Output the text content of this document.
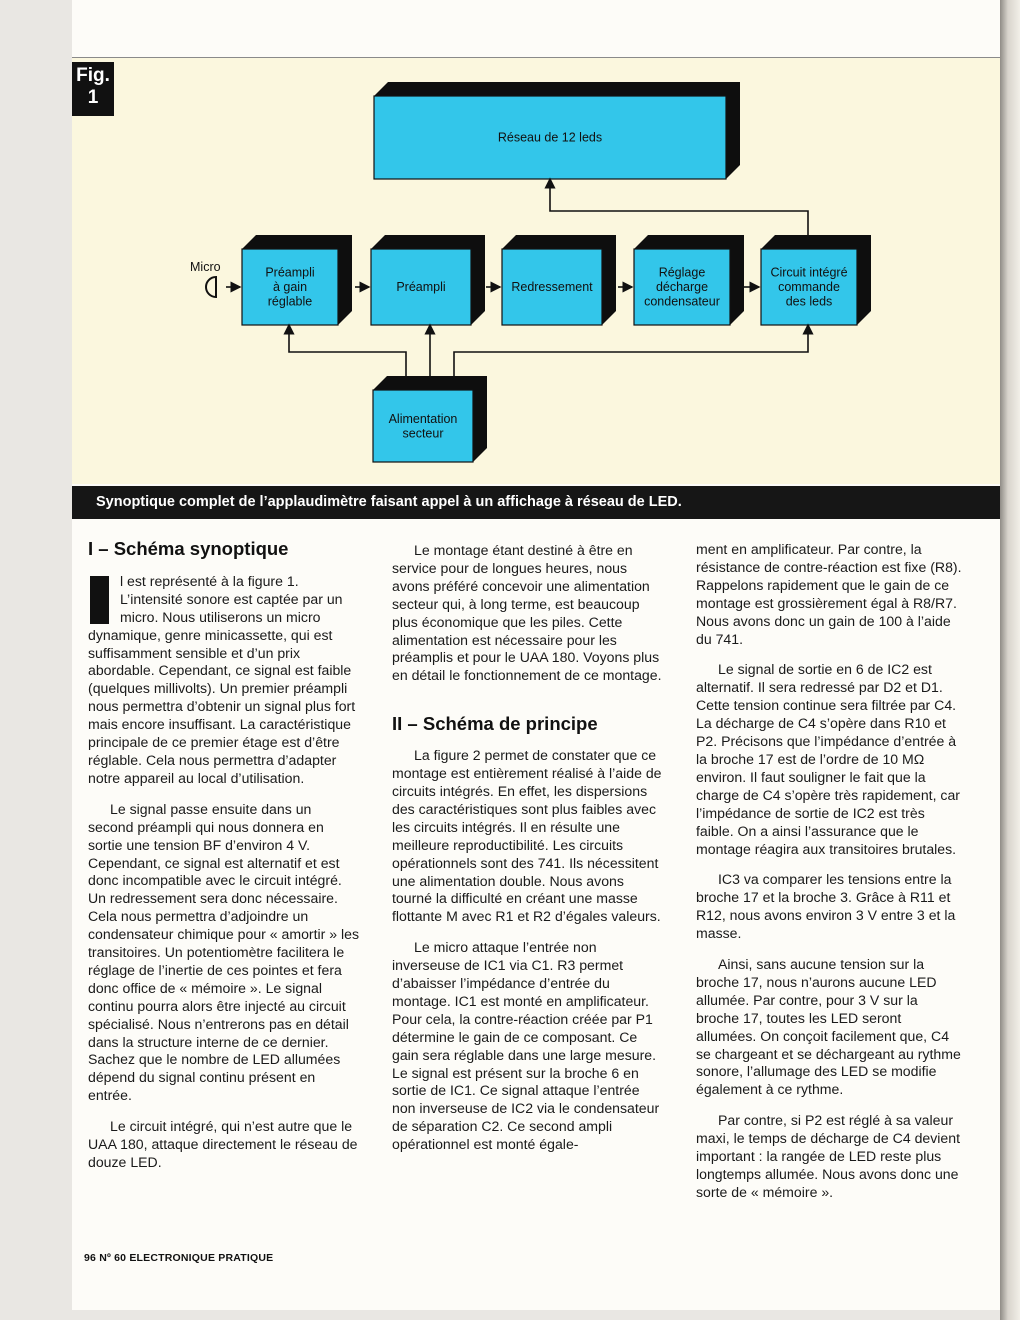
Fig.
1
Réseau de 12 leds
Préampli
à gain
réglable
Préampli	Redressement
Réglage
décharge
condensateur
Circuit intégré
commande
des leds
Alimentation
secteur
Micro
Synoptique complet de l’applaudimètre faisant appel à un affichage à réseau de LED.
I – Schéma synoptique

l est représenté à la figure 1. L’intensité sonore est captée par un micro. Nous utiliserons un micro dynamique, genre minicassette, qui est suffisamment sensible et d’un prix abordable. Cependant, ce signal est faible (quelques millivolts). Un premier préampli nous permettra d’obtenir un signal plus fort mais encore insuffisant. La caractéristique principale de ce premier étage est d’être réglable. Cela nous permettra d’adapter notre appareil au local d’utilisation.

Le signal passe ensuite dans un second préampli qui nous donnera en sortie une tension BF d’environ 4 V. Cependant, ce signal est alternatif et est donc incompatible avec le circuit intégré. Un redressement sera donc nécessaire. Cela nous permettra d’adjoindre un condensateur chimique pour « amortir » les transitoires. Un potentiomètre facilitera le réglage de l’inertie de ces pointes et fera donc office de « mémoire ». Le signal continu pourra alors être injecté au circuit spécialisé. Nous n’entrerons pas en détail dans la structure interne de ce dernier. Sachez que le nombre de LED allumées dépend du signal continu présent en entrée.

Le circuit intégré, qui n’est autre que le UAA 180, attaque directement le réseau de douze LED.

Le montage étant destiné à être en service pour de longues heures, nous avons préféré concevoir une alimentation secteur qui, à long terme, est beaucoup plus économique que les piles. Cette alimentation est nécessaire pour les préamplis et pour le UAA 180. Voyons plus en détail le fonctionnement de ce montage.

II – Schéma de principe

La figure 2 permet de constater que ce montage est entièrement réalisé à l’aide de circuits intégrés. En effet, les dispersions des caractéristiques sont plus faibles avec les circuits intégrés. Il en résulte une meilleure reproductibilité. Les circuits opérationnels sont des 741. Ils nécessitent une alimentation double. Nous avons tourné la difficulté en créant une masse flottante M avec R1 et R2 d’égales valeurs.

Le micro attaque l’entrée non inverseuse de IC1 via C1. R3 permet d’abaisser l’impédance d’entrée du montage. IC1 est monté en amplificateur. Pour cela, la contre-réaction créée par P1 détermine le gain de ce composant. Ce gain sera réglable dans une large mesure. Le signal est présent sur la broche 6 en sortie de IC1. Ce signal attaque l’entrée non inverseuse de IC2 via le condensateur de séparation C2. Ce second ampli opérationnel est monté égale-

ment en amplificateur. Par contre, la résistance de contre-réaction est fixe (R8). Rappelons rapidement que le gain de ce montage est grossièrement égal à R8/R7. Nous avons donc un gain de 100 à l’aide du 741.

Le signal de sortie en 6 de IC2 est alternatif. Il sera redressé par D2 et D1. Cette tension continue sera filtrée par C4. La décharge de C4 s’opère dans R10 et P2. Précisons que l’impédance d’entrée à la broche 17 est de l’ordre de 10 MΩ environ. Il faut souligner le fait que la charge de C4 s’opère très rapidement, car l’impédance de sortie de IC2 est très faible. On a ainsi l’assurance que le montage réagira aux transitoires brutales.

IC3 va comparer les tensions entre la broche 17 et la broche 3. Grâce à R11 et R12, nous avons environ 3 V entre 3 et la masse.

Ainsi, sans aucune tension sur la broche 17, nous n’aurons aucune LED allumée. Par contre, pour 3 V sur la broche 17, toutes les LED seront allumées. On conçoit facilement que, C4 se chargeant et se déchargeant au rythme sonore, l’allumage des LED se modifie également à ce rythme.

Par contre, si P2 est réglé à sa valeur maxi, le temps de décharge de C4 devient important : la rangée de LED reste plus longtemps allumée. Nous avons donc une sorte de « mémoire ».

96 Nº 60 ELECTRONIQUE PRATIQUE
